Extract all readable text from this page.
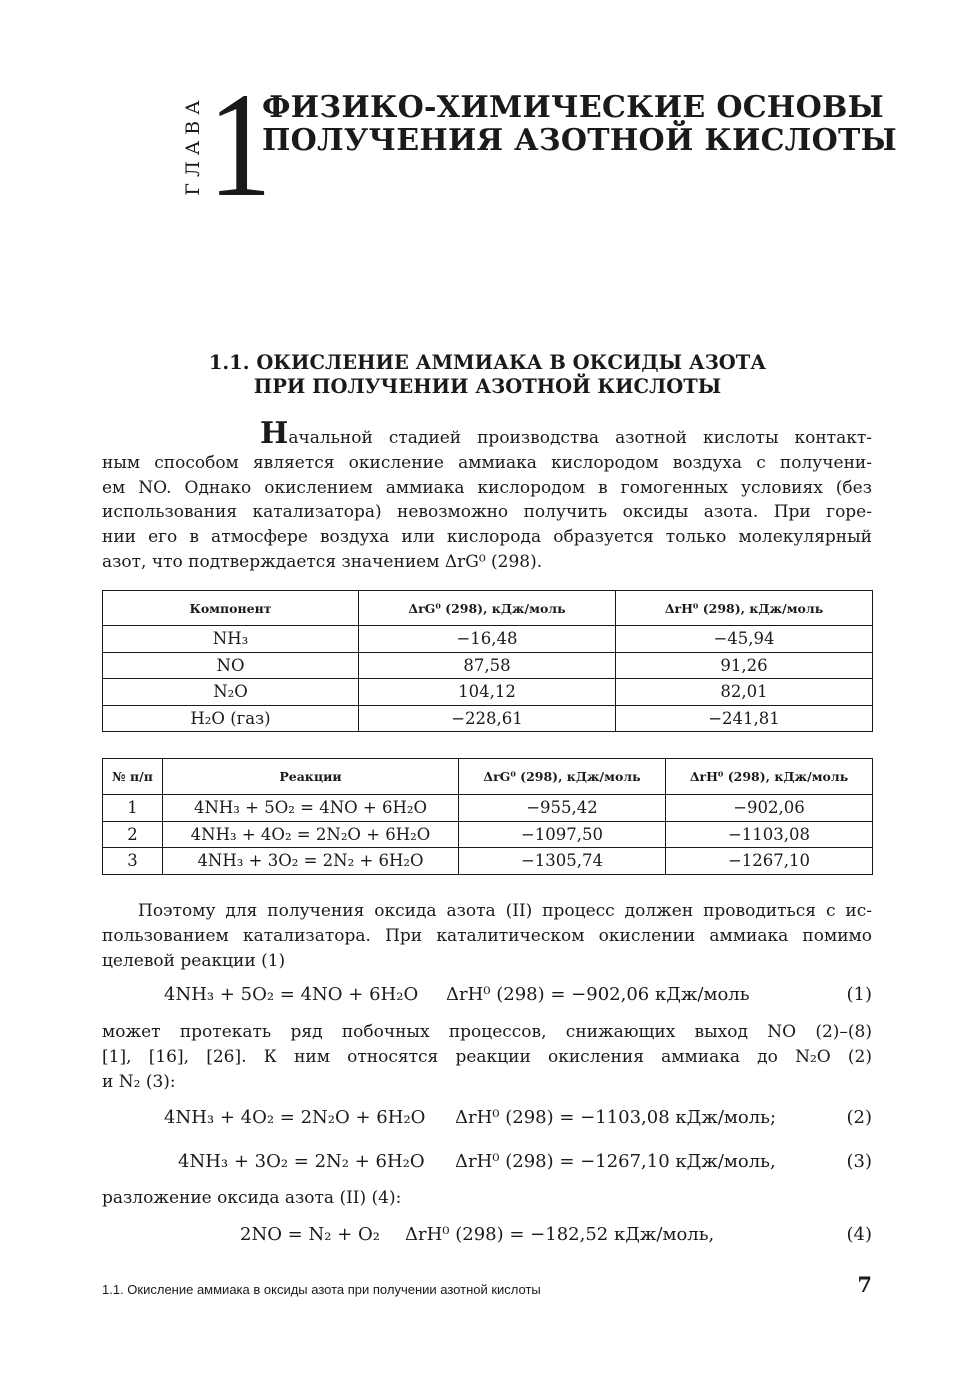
ГЛАВА 1
ФИЗИКО-ХИМИЧЕСКИЕ ОСНОВЫ
ПОЛУЧЕНИЯ АЗОТНОЙ КИСЛОТЫ
1.1. ОКИСЛЕНИЕ АММИАКА В ОКСИДЫ АЗОТА
ПРИ ПОЛУЧЕНИИ АЗОТНОЙ КИСЛОТЫ
Начальной стадией производства азотной кислоты контакт-
ным способом является окисление аммиака кислородом воздуха с получени-
ем NO. Однако окислением аммиака кислородом в гомогенных условиях (без
использования катализатора) невозможно получить оксиды азота. При горе-
нии его в атмосфере воздуха или кислорода образуется только молекулярный
азот, что подтверждается значением ΔrG⁰ (298).
Компонент	ΔrG⁰ (298), кДж/моль	ΔrH⁰ (298), кДж/моль
NH₃	−16,48	−45,94
NO	87,58	91,26
N₂O	104,12	82,01
H₂O (газ)	−228,61	−241,81
№ п/п	Реакции	ΔrG⁰ (298), кДж/моль	ΔrH⁰ (298), кДж/моль
1	4NH₃ + 5O₂ = 4NO + 6H₂O	−955,42	−902,06
2	4NH₃ + 4O₂ = 2N₂O + 6H₂O	−1097,50	−1103,08
3	4NH₃ + 3O₂ = 2N₂ + 6H₂O	−1305,74	−1267,10
Поэтому для получения оксида азота (II) процесс должен проводиться с ис-
пользованием катализатора. При каталитическом окислении аммиака помимо
целевой реакции (1)
4NH₃ + 5O₂ = 4NO + 6H₂O ΔrH⁰ (298) = −902,06 кДж/моль	(1)
может протекать ряд побочных процессов, снижающих выход NO (2)–(8)
[1], [16], [26]. К ним относятся реакции окисления аммиака до N₂O (2)
и N₂ (3):
4NH₃ + 4O₂ = 2N₂O + 6H₂O ΔrH⁰ (298) = −1103,08 кДж/моль;	(2)
4NH₃ + 3O₂ = 2N₂ + 6H₂O ΔrH⁰ (298) = −1267,10 кДж/моль,	(3)
разложение оксида азота (II) (4):
2NO = N₂ + O₂ ΔrH⁰ (298) = −182,52 кДж/моль,	(4)
1.1. Окисление аммиака в оксиды азота при получении азотной кислоты	7
